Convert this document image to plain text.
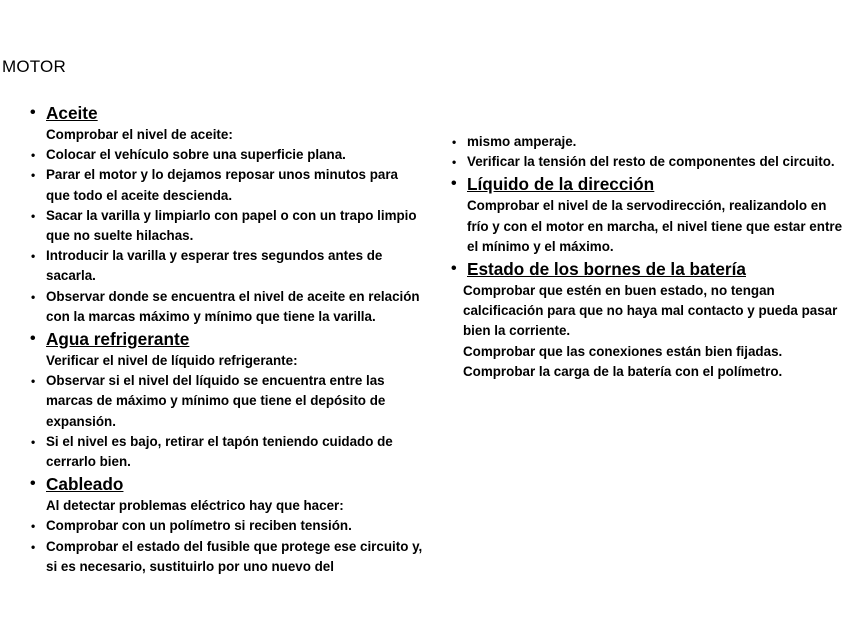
MOTOR
• Aceite

Comprobar el nivel de aceite:

• Colocar el vehículo sobre una superficie plana.
• Parar el motor y lo dejamos reposar unos minutos para que todo el aceite descienda.
• Sacar la varilla y limpiarlo con papel o con un trapo limpio que no suelte hilachas.
• Introducir la varilla y esperar tres segundos antes de sacarla.
• Observar donde se encuentra el nivel de aceite en relación con la marcas máximo y mínimo que tiene la varilla.
• Agua refrigerante

Verificar el nivel de líquido refrigerante:

• Observar si el nivel del líquido se encuentra entre las marcas de máximo y mínimo que tiene el depósito de expansión.
• Si el nivel es bajo, retirar el tapón teniendo cuidado de cerrarlo bien.
• Cableado

Al detectar problemas eléctrico hay que hacer:

• Comprobar con un polímetro si reciben tensión.
• Comprobar el estado del fusible que protege ese circuito y, si es necesario, sustituirlo por uno nuevo del
• mismo amperaje.
• Verificar la tensión del resto de componentes del circuito.
• Líquido de la dirección

Comprobar el nivel de la servodirección, realizandolo en frío y con el motor en marcha, el nivel tiene que estar entre el mínimo y el máximo.

• Estado de los bornes de la batería

Comprobar que estén en buen estado, no tengan calcificación para que no haya mal contacto y pueda pasar bien la corriente.

Comprobar que las conexiones están bien fijadas.

Comprobar la carga de la batería con el polímetro.
